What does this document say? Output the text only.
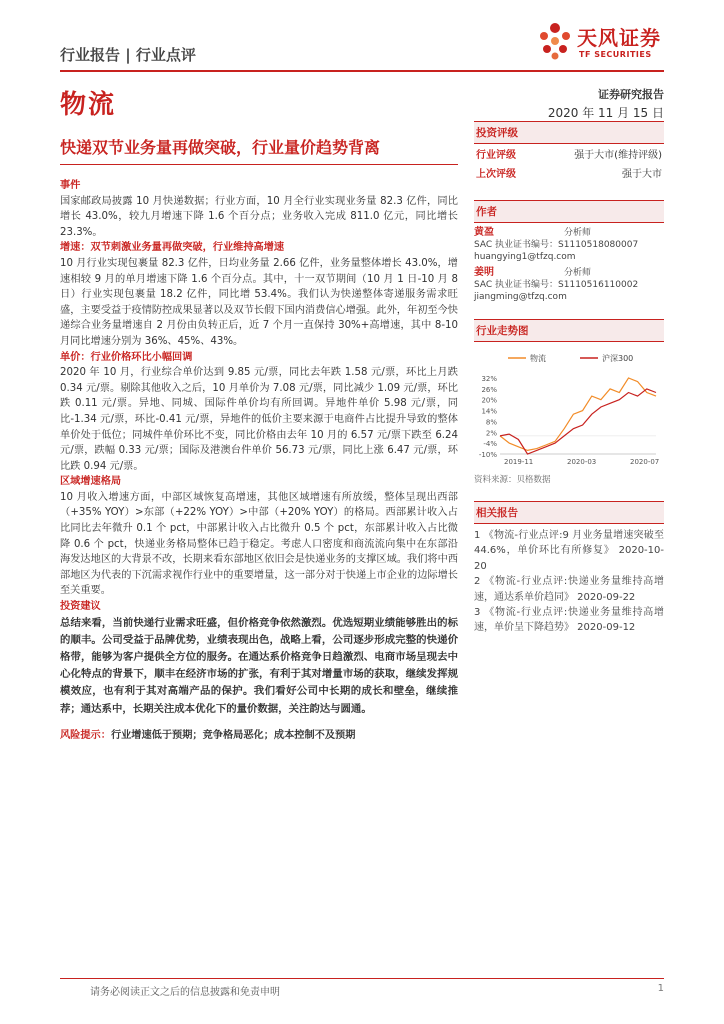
行业报告 | 行业点评
天风证券
TF SECURITIES
物流	证券研究报告
2020 年 11 月 15 日
快递双节业务量再做突破，行业量价趋势背离
事件
国家邮政局披露 10 月快递数据；行业方面，10 月全行业实现业务量 82.3 亿件，同比增长 43.0%，较九月增速下降 1.6 个百分点；业务收入完成 811.0 亿元，同比增长 23.3%。
增速：双节刺激业务量再做突破，行业维持高增速
10 月行业实现包裹量 82.3 亿件，日均业务量 2.66 亿件，业务量整体增长 43.0%，增速相较 9 月的单月增速下降 1.6 个百分点。其中，十一双节期间（10 月 1 日-10 月 8 日）行业实现包裹量 18.2 亿件，同比增 53.4%。我们认为快递整体寄递服务需求旺盛，主要受益于疫情防控成果显著以及双节长假下国内消费信心增强。此外，年初至今快递综合业务量增速自 2 月份由负转正后，近 7 个月一直保持 30%+高增速，其中 8-10 月同比增速分别为 36%、45%、43%。
单价：行业价格环比小幅回调
2020 年 10 月，行业综合单价达到 9.85 元/票，同比去年跌 1.58 元/票，环比上月跌 0.34 元/票。剔除其他收入之后，10 月单价为 7.08 元/票，同比减少 1.09 元/票，环比跌 0.11 元/票。异地、同城、国际件单价均有所回调。异地件单价 5.98 元/票，同比-1.34 元/票，环比-0.41 元/票，异地件的低价主要来源于电商件占比提升导致的整体单价处于低位；同城件单价环比不变，同比价格由去年 10 月的 6.57 元/票下跌至 6.24 元/票，跌幅 0.33 元/票；国际及港澳台件单价 56.73 元/票，同比上涨 6.47 元/票，环比跌 0.94 元/票。
区域增速格局
10 月收入增速方面，中部区域恢复高增速，其他区域增速有所放缓，整体呈现出西部（+35% YOY）>东部（+22% YOY）>中部（+20% YOY）的格局。西部累计收入占比同比去年微升 0.1 个 pct，中部累计收入占比微升 0.5 个 pct，东部累计收入占比微降 0.6 个 pct，快递业务格局整体已趋于稳定。考虑人口密度和商流流向集中在东部沿海发达地区的大背景不改，长期来看东部地区依旧会是快递业务的支撑区域。我们将中西部地区为代表的下沉需求视作行业中的重要增量，这一部分对于快递上市企业的边际增长至关重要。
投资建议
总结来看，当前快递行业需求旺盛，但价格竞争依然激烈。优选短期业绩能够胜出的标的顺丰。公司受益于品牌优势，业绩表现出色，战略上看，公司逐步形成完整的快递价格带，能够为客户提供全方位的服务。在通达系价格竞争日趋激烈、电商市场呈现去中心化特点的背景下，顺丰在经济市场的扩张，有利于其对增量市场的获取，继续发挥规模效应，也有利于其对高端产品的保护。我们看好公司中长期的成长和壁垒，继续推荐；通达系中，长期关注成本优化下的量价数据，关注韵达与圆通。
风险提示：行业增速低于预期；竞争格局恶化；成本控制不及预期
投资评级
行业评级	强于大市(维持评级)
上次评级	强于大市
作者
黄盈	分析师
SAC 执业证书编号：S1110518080007
huangying1@tfzq.com
姜明	分析师
SAC 执业证书编号：S1110516110002
jiangming@tfzq.com
行业走势图
物流	沪深300
32%
26%
20%
14%
8%
2%
-4%
-10%
2019-11	2020-03	2020-07
资料来源：贝格数据
相关报告
1 《物流-行业点评:9 月业务量增速突破至 44.6%，单价环比有所修复》 2020-10-20
2 《物流-行业点评:快递业务量维持高增速，通达系单价趋同》 2020-09-22
3 《物流-行业点评:快递业务量维持高增速，单价呈下降趋势》 2020-09-12
请务必阅读正文之后的信息披露和免责申明	1
